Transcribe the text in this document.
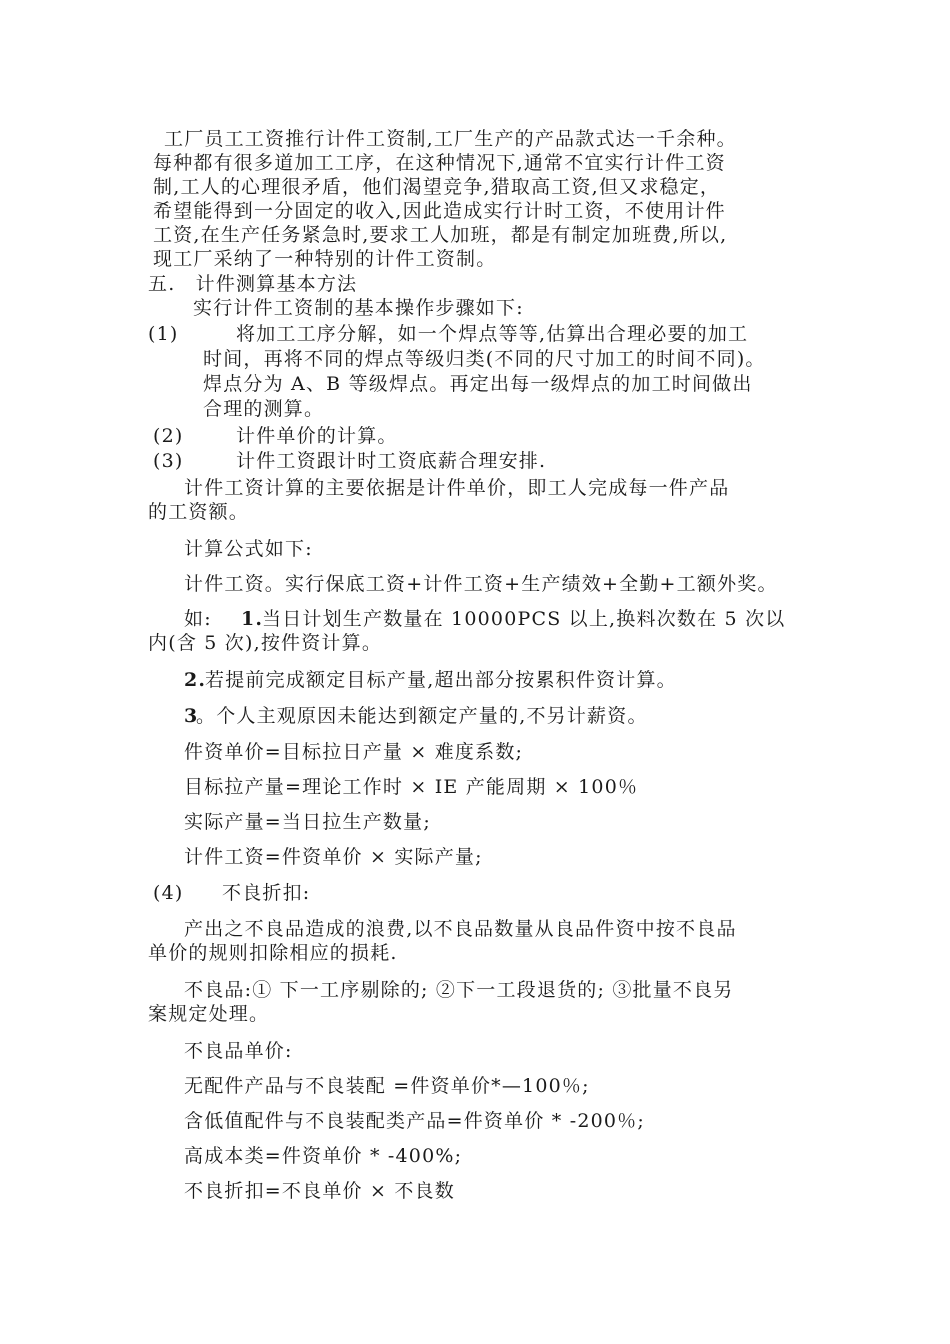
工厂员工工资推行计件工资制,工厂生产的产品款式达一千余种。
每种都有很多道加工工序，在这种情况下,通常不宜实行计件工资
制,工人的心理很矛盾，他们渴望竞争,猎取高工资,但又求稳定，
希望能得到一分固定的收入,因此造成实行计时工资，不使用计件
工资,在生产任务紧急时,要求工人加班，都是有制定加班费,所以,
现工厂采纳了一种特别的计件工资制。
五.　计件测算基本方法
实行计件工资制的基本操作步骤如下:
(1)	将加工工序分解，如一个焊点等等,估算出合理必要的加工
时间，再将不同的焊点等级归类(不同的尺寸加工的时间不同)。
焊点分为 A、B 等级焊点。再定出每一级焊点的加工时间做出
合理的测算。
(2)	计件单价的计算。
(3)	计件工资跟计时工资底薪合理安排.
计件工资计算的主要依据是计件单价，即工人完成每一件产品
的工资额。
计算公式如下:
计件工资。实行保底工资+计件工资+生产绩效+全勤+工额外奖。
如: 1.
当日计划生产数量在 10000PCS 以上,换料次数在 5 次以
内(含 5 次),按件资计算。
2.
若提前完成额定目标产量,超出部分按累积件资计算。
3
。个人主观原因未能达到额定产量的,不另计薪资。
件资单价=目标拉日产量 × 难度系数;
目标拉产量=理论工作时 × IE 产能周期 × 100％
实际产量=当日拉生产数量;
计件工资=件资单价 × 实际产量;
(4) 不良折扣:
产出之不良品造成的浪费,以不良品数量从良品件资中按不良品
单价的规则扣除相应的损耗.
不良品:① 下一工序剔除的; ②下一工段退货的; ③批量不良另
案规定处理。
不良品单价:
无配件产品与不良装配 =件资单价*—100％;
含低值配件与不良装配类产品=件资单价 * -200％;
高成本类=件资单价 * -400%;
不良折扣=不良单价 × 不良数
